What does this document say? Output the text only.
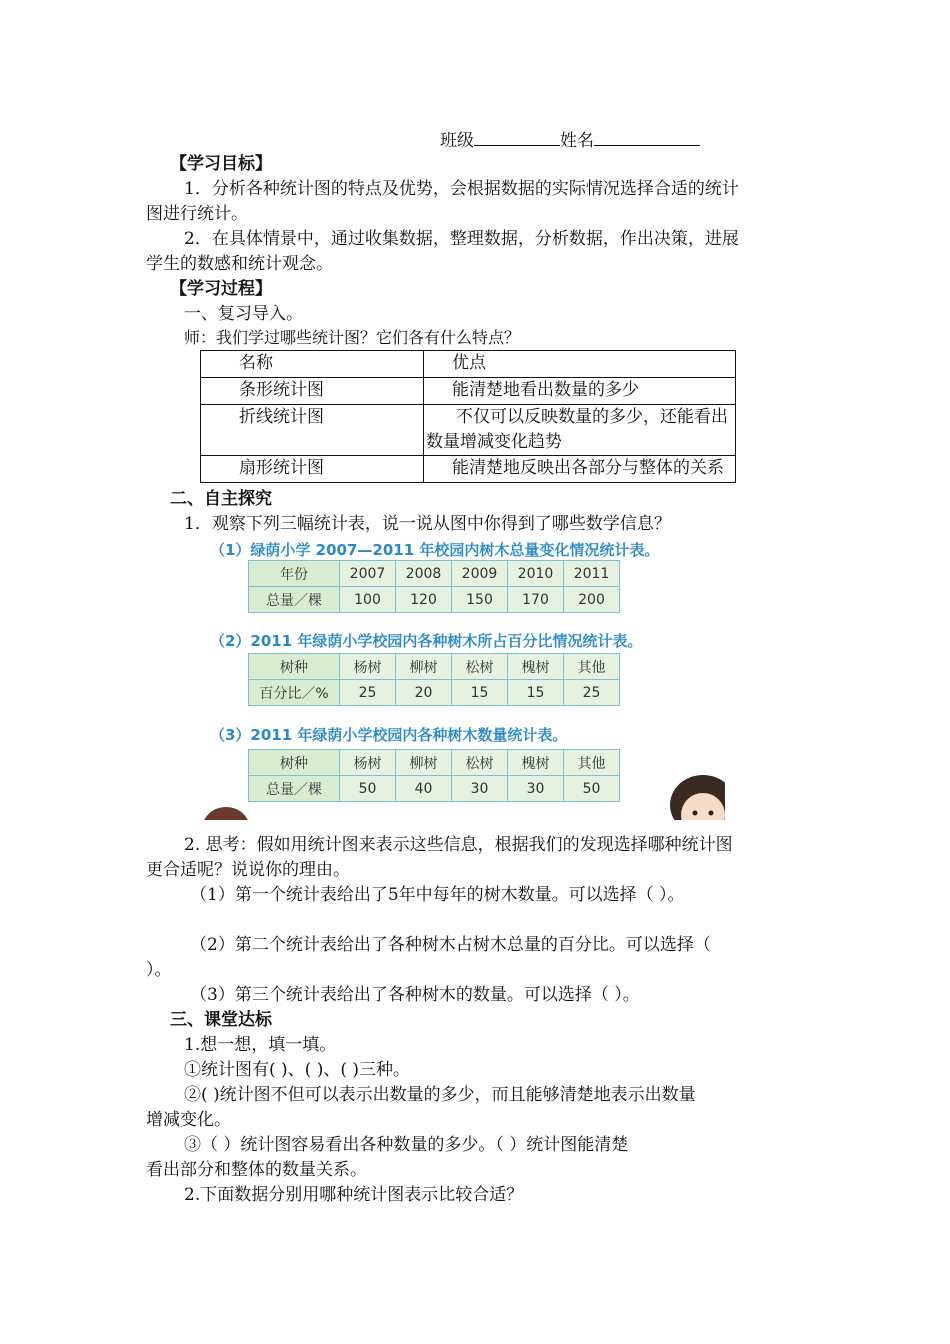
班级	姓名
【学习目标】
1．分析各种统计图的特点及优势，会根据数据的实际情况选择合适的统计
图进行统计。
2．在具体情景中，通过收集数据，整理数据，分析数据，作出决策，进展
学生的数感和统计观念。
【学习过程】
一、复习导入。
师：我们学过哪些统计图？它们各有什么特点？
名称	优点
条形统计图	能清楚地看出数量的多少
折线统计图	不仅可以反映数量的多少，还能看出数量增减变化趋势
扇形统计图	能清楚地反映出各部分与整体的关系
二、自主探究
1．观察下列三幅统计表，说一说从图中你得到了哪些数学信息？
（1）绿荫小学 2007—2011 年校园内树木总量变化情况统计表。
年份	2007	2008	2009	2010	2011
总量／棵	100	120	150	170	200
（2）2011 年绿荫小学校园内各种树木所占百分比情况统计表。
树种	杨树	柳树	松树	槐树	其他
百分比／%	25	20	15	15	25
（3）2011 年绿荫小学校园内各种树木数量统计表。
树种	杨树	柳树	松树	槐树	其他
总量／棵	50	40	30	30	50
2. 思考：假如用统计图来表示这些信息，根据我们的发现选择哪种统计图
更合适呢？说说你的理由。
（1）第一个统计表给出了5年中每年的树木数量。可以选择（ ）。
（2）第二个统计表给出了各种树木占树木总量的百分比。可以选择（
）。
（3）第三个统计表给出了各种树木的数量。可以选择（ ）。
三、课堂达标
1.想一想，填一填。
①统计图有( )、( )、( )三种。
②( )统计图不但可以表示出数量的多少，而且能够清楚地表示出数量
增减变化。
③（ ）统计图容易看出各种数量的多少。（ ）统计图能清楚
看出部分和整体的数量关系。
2.下面数据分别用哪种统计图表示比较合适？
